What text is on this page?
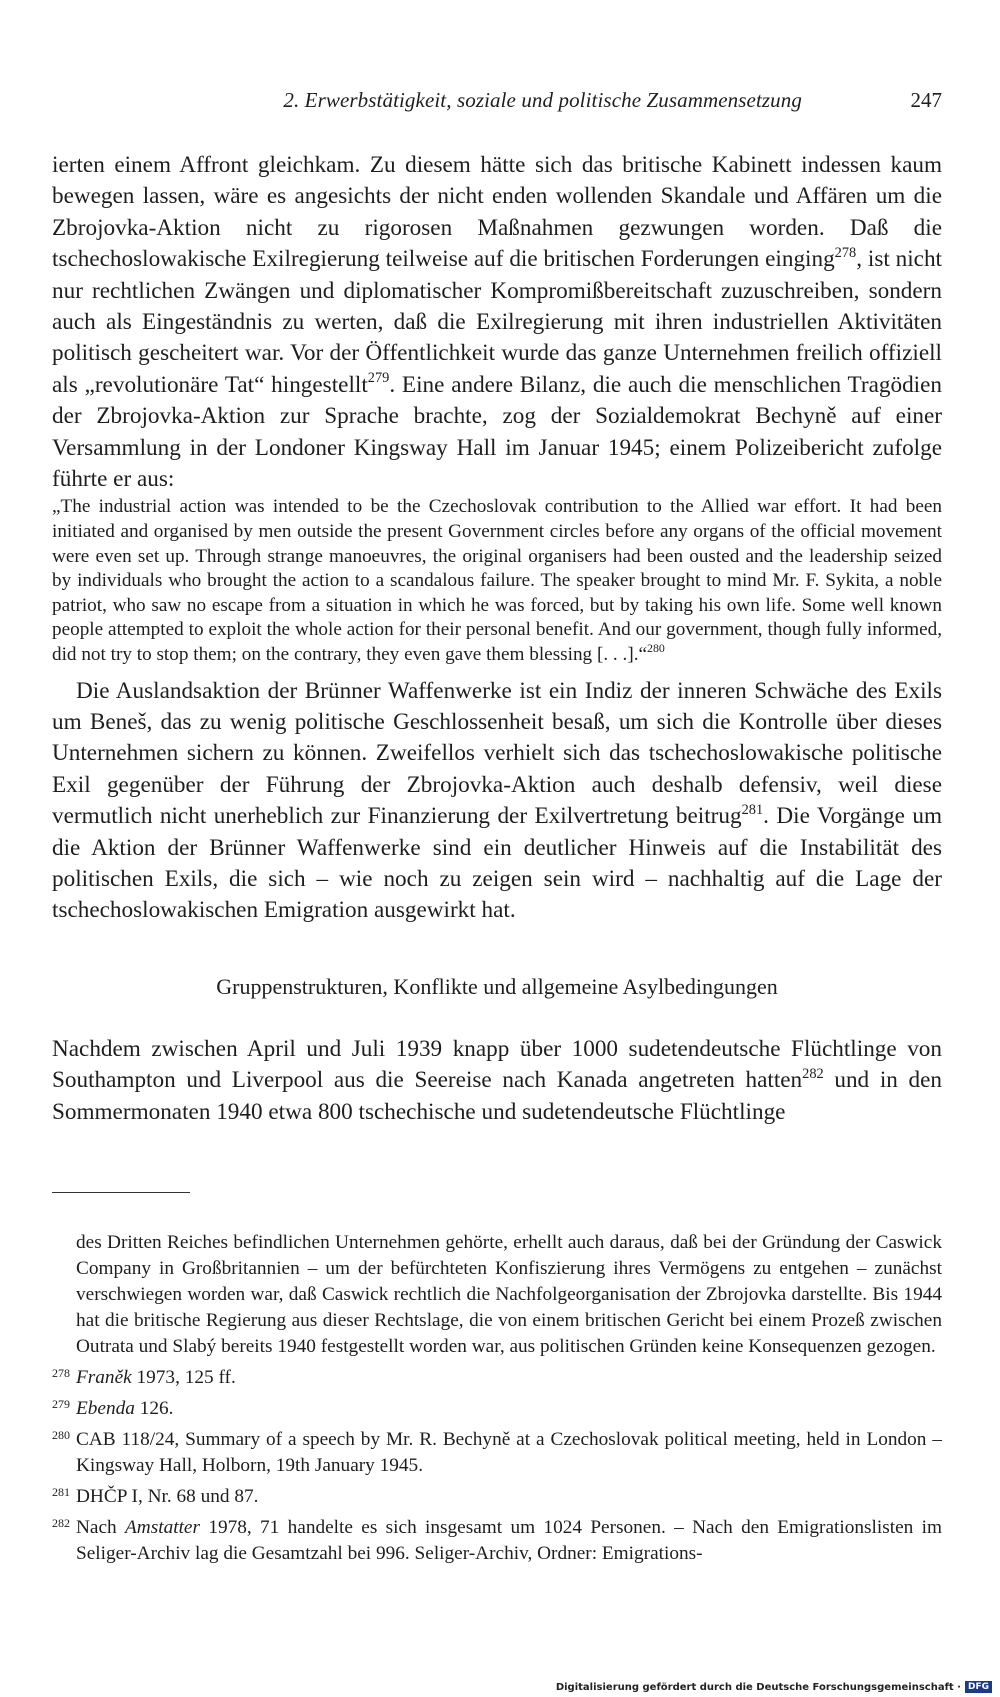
2. Erwerbstätigkeit, soziale und politische Zusammensetzung	247

ierten einem Affront gleichkam. Zu diesem hätte sich das britische Kabinett indessen kaum bewegen lassen, wäre es angesichts der nicht enden wollenden Skandale und Affären um die Zbrojovka-Aktion nicht zu rigorosen Maßnahmen gezwungen worden. Daß die tschechoslowakische Exilregierung teilweise auf die britischen Forderungen einging$^{278}$, ist nicht nur rechtlichen Zwängen und diplomatischer Kompromißbereitschaft zuzuschreiben, sondern auch als Eingeständnis zu werten, daß die Exilregierung mit ihren industriellen Aktivitäten politisch gescheitert war. Vor der Öffentlichkeit wurde das ganze Unternehmen freilich offiziell als „revolutionäre Tat“ hingestellt$^{279}$. Eine andere Bilanz, die auch die menschlichen Tragödien der Zbrojovka-Aktion zur Sprache brachte, zog der Sozialdemokrat Bechyně auf einer Versammlung in der Londoner Kingsway Hall im Januar 1945; einem Polizeibericht zufolge führte er aus:

„The industrial action was intended to be the Czechoslovak contribution to the Allied war effort. It had been initiated and organised by men outside the present Government circles before any organs of the official movement were even set up. Through strange manoeuvres, the original organisers had been ousted and the leadership seized by individuals who brought the action to a scandalous failure. The speaker brought to mind Mr. F. Sykita, a noble patriot, who saw no escape from a situation in which he was forced, but by taking his own life. Some well known people attempted to exploit the whole action for their personal benefit. And our government, though fully informed, did not try to stop them; on the contrary, they even gave them blessing [. . .].“$^{280}$

Die Auslandsaktion der Brünner Waffenwerke ist ein Indiz der inneren Schwäche des Exils um Beneš, das zu wenig politische Geschlossenheit besaß, um sich die Kontrolle über dieses Unternehmen sichern zu können. Zweifellos verhielt sich das tschechoslowakische politische Exil gegenüber der Führung der Zbrojovka-Aktion auch deshalb defensiv, weil diese vermutlich nicht unerheblich zur Finanzierung der Exilvertretung beitrug$^{281}$. Die Vorgänge um die Aktion der Brünner Waffenwerke sind ein deutlicher Hinweis auf die Instabilität des politischen Exils, die sich – wie noch zu zeigen sein wird – nachhaltig auf die Lage der tschechoslowakischen Emigration ausgewirkt hat.

Gruppenstrukturen, Konflikte und allgemeine Asylbedingungen

Nachdem zwischen April und Juli 1939 knapp über 1000 sudetendeutsche Flüchtlinge von Southampton und Liverpool aus die Seereise nach Kanada angetreten hatten$^{282}$ und in den Sommermonaten 1940 etwa 800 tschechische und sudetendeutsche Flüchtlinge

des Dritten Reiches befindlichen Unternehmen gehörte, erhellt auch daraus, daß bei der Gründung der Caswick Company in Großbritannien – um der befürchteten Konfiszierung ihres Vermögens zu entgehen – zunächst verschwiegen worden war, daß Caswick rechtlich die Nachfolgeorganisation der Zbrojovka darstellte. Bis 1944 hat die britische Regierung aus dieser Rechtslage, die von einem britischen Gericht bei einem Prozeß zwischen Outrata und Slabý bereits 1940 festgestellt worden war, aus politischen Gründen keine Konsequenzen gezogen.

278 Franěk 1973, 125 ff.

279 Ebenda 126.

280 CAB 118/24, Summary of a speech by Mr. R. Bechyně at a Czechoslovak political meeting, held in London – Kingsway Hall, Holborn, 19th January 1945.

281 DHČP I, Nr. 68 und 87.

282 Nach Amstatter 1978, 71 handelte es sich insgesamt um 1024 Personen. – Nach den Emigrationslisten im Seliger-Archiv lag die Gesamtzahl bei 996. Seliger-Archiv, Ordner: Emigrations-

Digitalisierung gefördert durch die Deutsche Forschungsgemeinschaft · DFG
